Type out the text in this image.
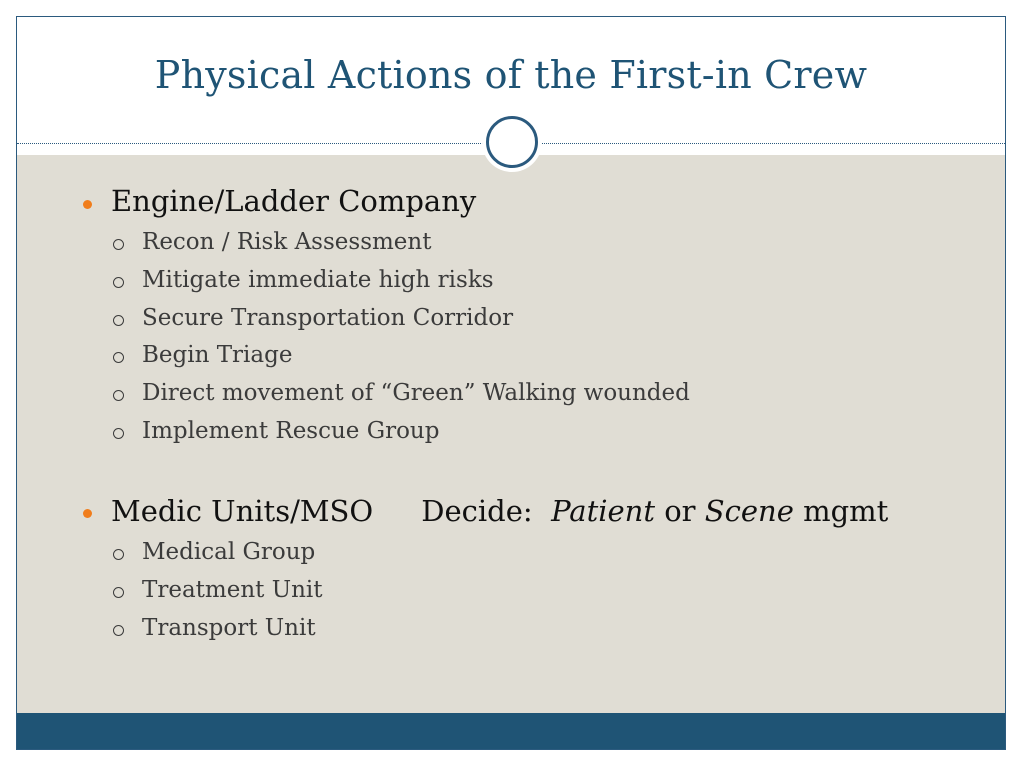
Physical Actions of the First-in Crew
Engine/Ladder Company
Recon / Risk Assessment
Mitigate immediate high risks
Secure Transportation Corridor
Begin Triage
Direct movement of “Green” Walking wounded
Implement Rescue Group
Medic Units/MSO Decide: Patient or Scene mgmt
Medical Group
Treatment Unit
Transport Unit
